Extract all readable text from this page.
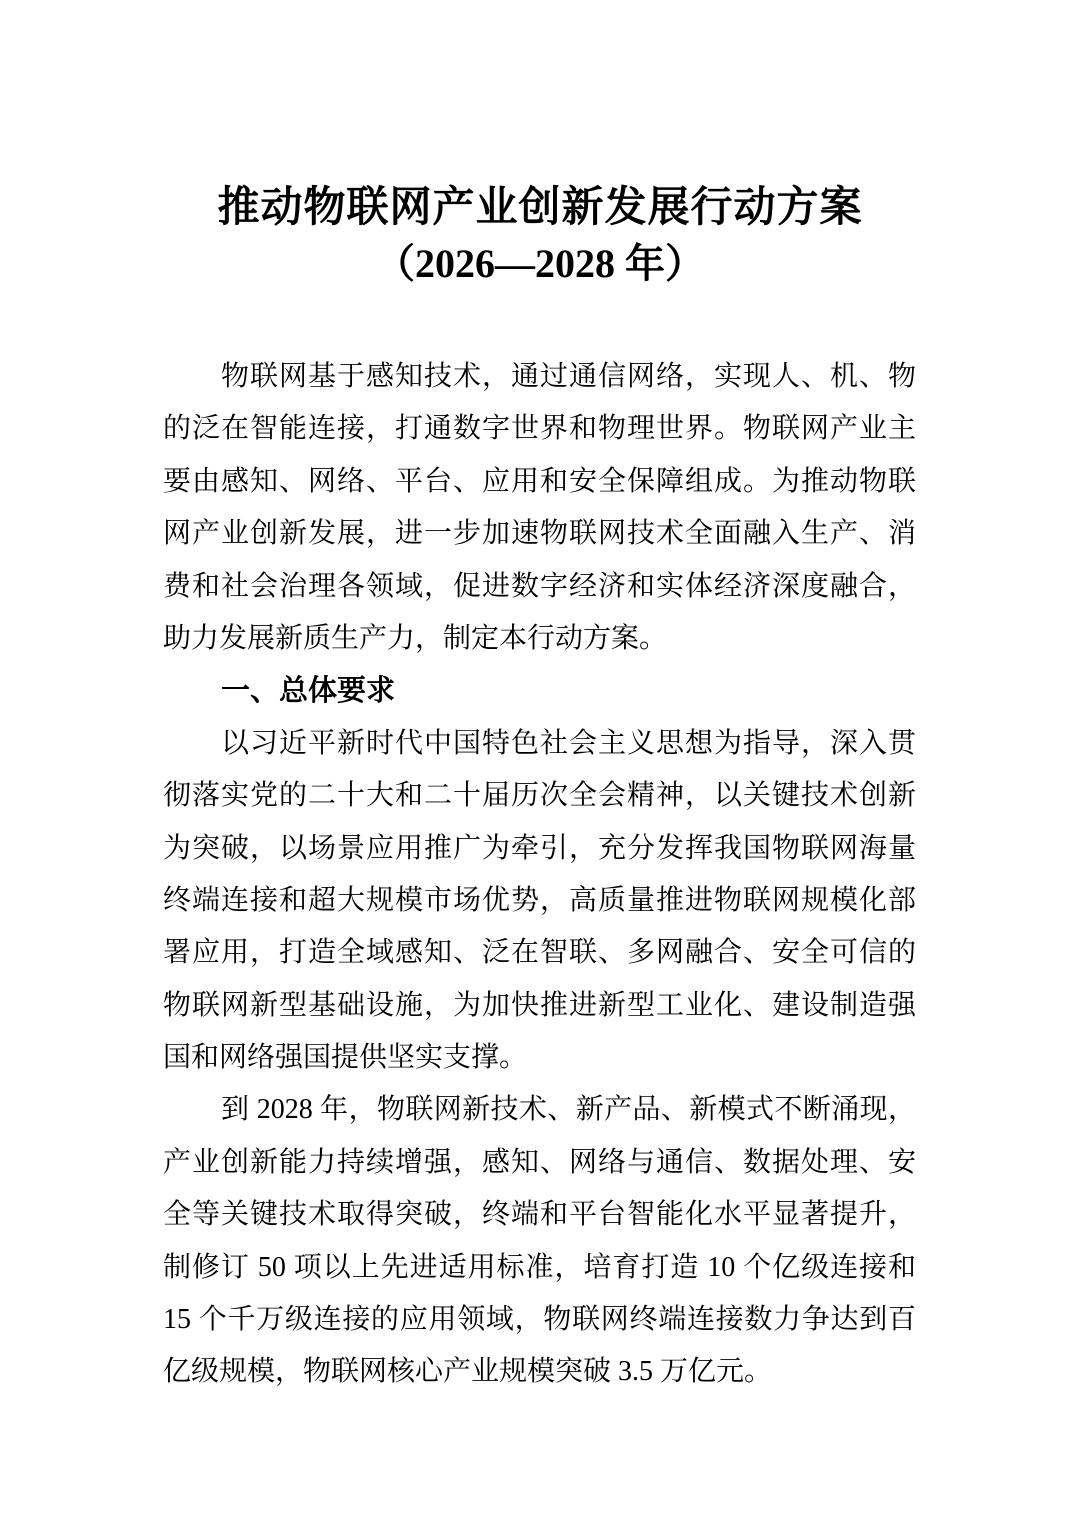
推动物联网产业创新发展行动方案
（2026—2028 年）
物联网基于感知技术，通过通信网络，实现人、机、物
的泛在智能连接，打通数字世界和物理世界。物联网产业主
要由感知、网络、平台、应用和安全保障组成。为推动物联
网产业创新发展，进一步加速物联网技术全面融入生产、消
费和社会治理各领域，促进数字经济和实体经济深度融合，
助力发展新质生产力，制定本行动方案。
一、总体要求
以习近平新时代中国特色社会主义思想为指导，深入贯
彻落实党的二十大和二十届历次全会精神，以关键技术创新
为突破，以场景应用推广为牵引，充分发挥我国物联网海量
终端连接和超大规模市场优势，高质量推进物联网规模化部
署应用，打造全域感知、泛在智联、多网融合、安全可信的
物联网新型基础设施，为加快推进新型工业化、建设制造强
国和网络强国提供坚实支撑。
到 2028 年，物联网新技术、新产品、新模式不断涌现，
产业创新能力持续增强，感知、网络与通信、数据处理、安
全等关键技术取得突破，终端和平台智能化水平显著提升，
制修订 50 项以上先进适用标准，培育打造 10 个亿级连接和
15 个千万级连接的应用领域，物联网终端连接数力争达到百
亿级规模，物联网核心产业规模突破 3.5 万亿元。
